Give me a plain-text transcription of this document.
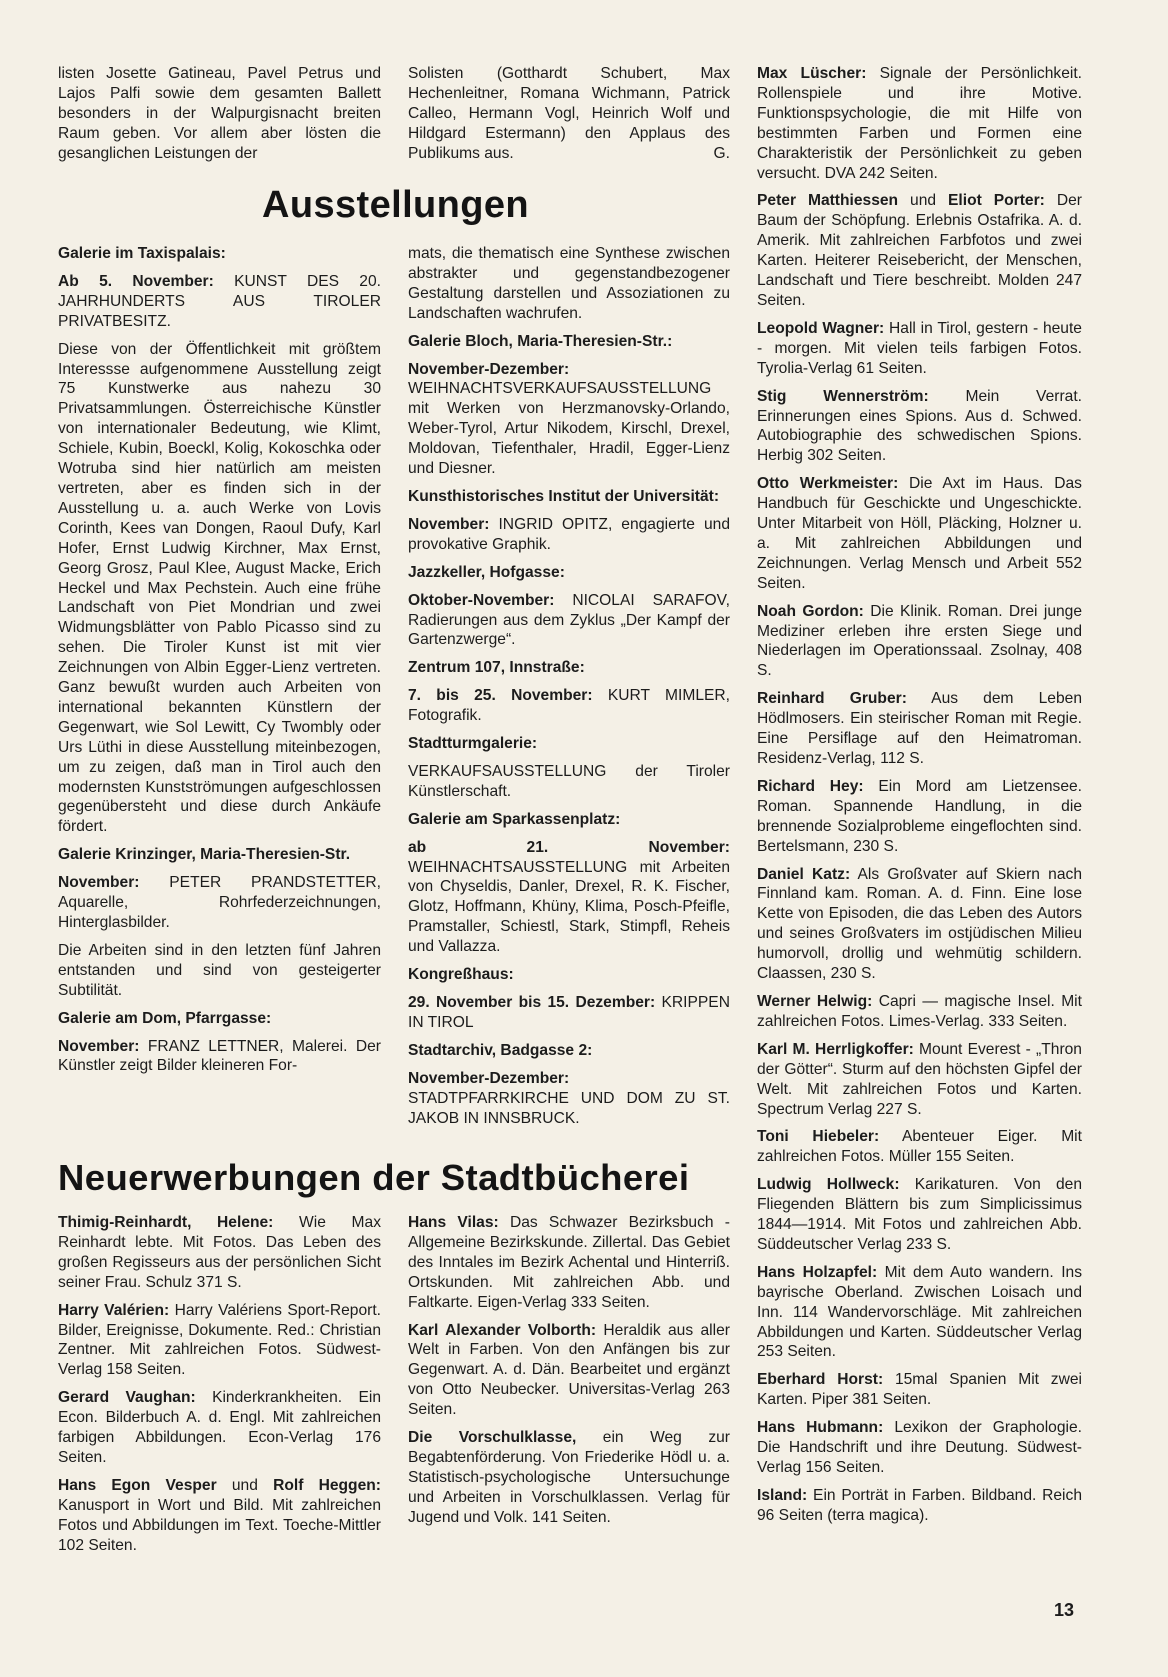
listen Josette Gatineau, Pavel Petrus und Lajos Palfi sowie dem gesamten Ballett besonders in der Walpurgisnacht breiten Raum geben. Vor allem aber lösten die gesanglichen Leistungen der

Solisten (Gotthardt Schubert, Max Hechenleitner, Romana Wichmann, Patrick Calleo, Hermann Vogl, Heinrich Wolf und Hildgard Estermann) den Applaus des Publikums aus.	G.

Ausstellungen

Galerie im Taxispalais:

Ab 5. November: KUNST DES 20. JAHRHUNDERTS AUS TIROLER PRIVATBESITZ.

Diese von der Öffentlichkeit mit größtem Interessse aufgenommene Ausstellung zeigt 75 Kunstwerke aus nahezu 30 Privatsammlungen. Österreichische Künstler von internationaler Bedeutung, wie Klimt, Schiele, Kubin, Boeckl, Kolig, Kokoschka oder Wotruba sind hier natürlich am meisten vertreten, aber es finden sich in der Ausstellung u. a. auch Werke von Lovis Corinth, Kees van Dongen, Raoul Dufy, Karl Hofer, Ernst Ludwig Kirchner, Max Ernst, Georg Grosz, Paul Klee, August Macke, Erich Heckel und Max Pechstein. Auch eine frühe Landschaft von Piet Mondrian und zwei Widmungsblätter von Pablo Picasso sind zu sehen. Die Tiroler Kunst ist mit vier Zeichnungen von Albin Egger-Lienz vertreten. Ganz bewußt wurden auch Arbeiten von international bekannten Künstlern der Gegenwart, wie Sol Lewitt, Cy Twombly oder Urs Lüthi in diese Ausstellung miteinbezogen, um zu zeigen, daß man in Tirol auch den modernsten Kunstströmungen aufgeschlossen gegenübersteht und diese durch Ankäufe fördert.

Galerie Krinzinger, Maria-Theresien-Str.

November: PETER PRANDSTETTER, Aquarelle, Rohrfederzeichnungen, Hinterglasbilder.

Die Arbeiten sind in den letzten fünf Jahren entstanden und sind von gesteigerter Subtilität.

Galerie am Dom, Pfarrgasse:

November: FRANZ LETTNER, Malerei. Der Künstler zeigt Bilder kleineren For-

mats, die thematisch eine Synthese zwischen abstrakter und gegenstandbezogener Gestaltung darstellen und Assoziationen zu Landschaften wachrufen.

Galerie Bloch, Maria-Theresien-Str.:

November-Dezember: WEIHNACHTSVERKAUFSAUSSTELLUNG mit Werken von Herzmanovsky-Orlando, Weber-Tyrol, Artur Nikodem, Kirschl, Drexel, Moldovan, Tiefenthaler, Hradil, Egger-Lienz und Diesner.

Kunsthistorisches Institut der Universität:

November: INGRID OPITZ, engagierte und provokative Graphik.

Jazzkeller, Hofgasse:

Oktober-November: NICOLAI SARAFOV, Radierungen aus dem Zyklus „Der Kampf der Gartenzwerge“.

Zentrum 107, Innstraße:

7. bis 25. November: KURT MIMLER, Fotografik.

Stadtturmgalerie:

VERKAUFSAUSSTELLUNG der Tiroler Künstlerschaft.

Galerie am Sparkassenplatz:

ab 21. November: WEIHNACHTSAUSSTELLUNG mit Arbeiten von Chyseldis, Danler, Drexel, R. K. Fischer, Glotz, Hoffmann, Khüny, Klima, Posch-Pfeifle, Pramstaller, Schiestl, Stark, Stimpfl, Reheis und Vallazza.

Kongreßhaus:

29. November bis 15. Dezember: KRIPPEN IN TIROL

Stadtarchiv, Badgasse 2:

November-Dezember: STADTPFARRKIRCHE UND DOM ZU ST. JAKOB IN INNSBRUCK.

Neuerwerbungen der Stadtbücherei

Thimig-Reinhardt, Helene: Wie Max Reinhardt lebte. Mit Fotos. Das Leben des großen Regisseurs aus der persönlichen Sicht seiner Frau. Schulz 371 S.

Harry Valérien: Harry Valériens Sport-Report. Bilder, Ereignisse, Dokumente. Red.: Christian Zentner. Mit zahlreichen Fotos. Südwest-Verlag 158 Seiten.

Gerard Vaughan: Kinderkrankheiten. Ein Econ. Bilderbuch A. d. Engl. Mit zahlreichen farbigen Abbildungen. Econ-Verlag 176 Seiten.

Hans Egon Vesper und Rolf Heggen: Kanusport in Wort und Bild. Mit zahlreichen Fotos und Abbildungen im Text. Toeche-Mittler 102 Seiten.

Hans Vilas: Das Schwazer Bezirksbuch - Allgemeine Bezirkskunde. Zillertal. Das Gebiet des Inntales im Bezirk Achental und Hinterriß. Ortskunden. Mit zahlreichen Abb. und Faltkarte. Eigen-Verlag 333 Seiten.

Karl Alexander Volborth: Heraldik aus aller Welt in Farben. Von den Anfängen bis zur Gegenwart. A. d. Dän. Bearbeitet und ergänzt von Otto Neubecker. Universitas-Verlag 263 Seiten.

Die Vorschulklasse, ein Weg zur Begabtenförderung. Von Friederike Hödl u. a. Statistisch-psychologische Untersuchunge und Arbeiten in Vorschulklassen. Verlag für Jugend und Volk. 141 Seiten.

Max Lüscher: Signale der Persönlichkeit. Rollenspiele und ihre Motive. Funktionspsychologie, die mit Hilfe von bestimmten Farben und Formen eine Charakteristik der Persönlichkeit zu geben versucht. DVA 242 Seiten.

Peter Matthiessen und Eliot Porter: Der Baum der Schöpfung. Erlebnis Ostafrika. A. d. Amerik. Mit zahlreichen Farbfotos und zwei Karten. Heiterer Reisebericht, der Menschen, Landschaft und Tiere beschreibt. Molden 247 Seiten.

Leopold Wagner: Hall in Tirol, gestern - heute - morgen. Mit vielen teils farbigen Fotos. Tyrolia-Verlag 61 Seiten.

Stig Wennerström: Mein Verrat. Erinnerungen eines Spions. Aus d. Schwed. Autobiographie des schwedischen Spions. Herbig 302 Seiten.

Otto Werkmeister: Die Axt im Haus. Das Handbuch für Geschickte und Ungeschickte. Unter Mitarbeit von Höll, Pläcking, Holzner u. a. Mit zahlreichen Abbildungen und Zeichnungen. Verlag Mensch und Arbeit 552 Seiten.

Noah Gordon: Die Klinik. Roman. Drei junge Mediziner erleben ihre ersten Siege und Niederlagen im Operationssaal. Zsolnay, 408 S.

Reinhard Gruber: Aus dem Leben Hödlmosers. Ein steirischer Roman mit Regie. Eine Persiflage auf den Heimatroman. Residenz-Verlag, 112 S.

Richard Hey: Ein Mord am Lietzensee. Roman. Spannende Handlung, in die brennende Sozialprobleme eingeflochten sind. Bertelsmann, 230 S.

Daniel Katz: Als Großvater auf Skiern nach Finnland kam. Roman. A. d. Finn. Eine lose Kette von Episoden, die das Leben des Autors und seines Großvaters im ostjüdischen Milieu humorvoll, drollig und wehmütig schildern. Claassen, 230 S.

Werner Helwig: Capri — magische Insel. Mit zahlreichen Fotos. Limes-Verlag. 333 Seiten.

Karl M. Herrligkoffer: Mount Everest - „Thron der Götter“. Sturm auf den höchsten Gipfel der Welt. Mit zahlreichen Fotos und Karten. Spectrum Verlag 227 S.

Toni Hiebeler: Abenteuer Eiger. Mit zahlreichen Fotos. Müller 155 Seiten.

Ludwig Hollweck: Karikaturen. Von den Fliegenden Blättern bis zum Simplicissimus 1844—1914. Mit Fotos und zahlreichen Abb. Süddeutscher Verlag 233 S.

Hans Holzapfel: Mit dem Auto wandern. Ins bayrische Oberland. Zwischen Loisach und Inn. 114 Wandervorschläge. Mit zahlreichen Abbildungen und Karten. Süddeutscher Verlag 253 Seiten.

Eberhard Horst: 15mal Spanien Mit zwei Karten. Piper 381 Seiten.

Hans Hubmann: Lexikon der Graphologie. Die Handschrift und ihre Deutung. Südwest-Verlag 156 Seiten.

Island: Ein Porträt in Farben. Bildband. Reich 96 Seiten (terra magica).

13
